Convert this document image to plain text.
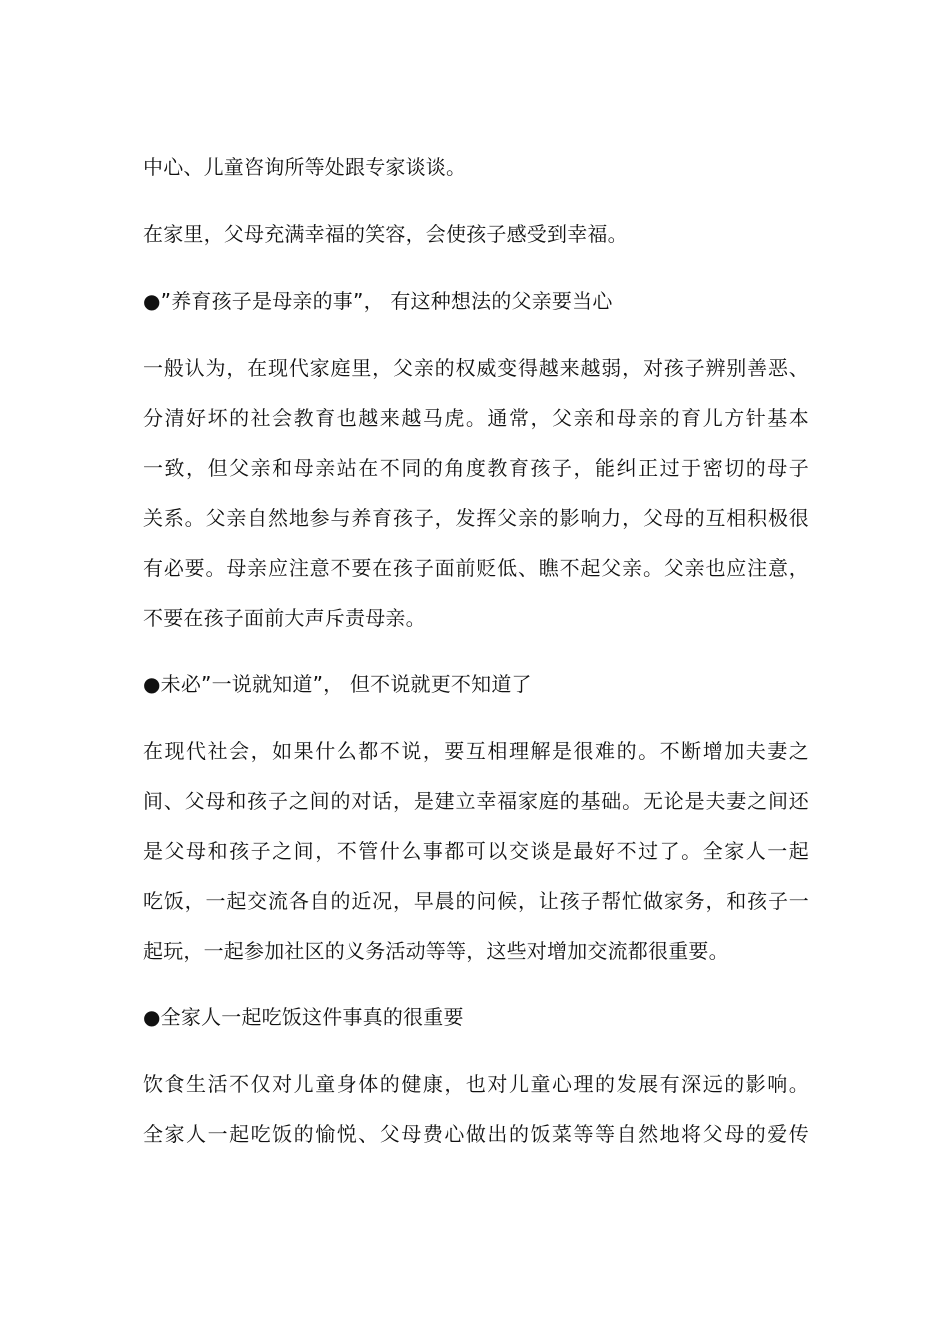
中心、儿童咨询所等处跟专家谈谈。
在家里，父母充满幸福的笑容，会使孩子感受到幸福。
●”养育孩子是母亲的事”， 有这种想法的父亲要当心
一般认为，在现代家庭里，父亲的权威变得越来越弱，对孩子辨别善恶、
分清好坏的社会教育也越来越马虎。通常，父亲和母亲的育儿方针基本
一致，但父亲和母亲站在不同的角度教育孩子，能纠正过于密切的母子
关系。父亲自然地参与养育孩子，发挥父亲的影响力，父母的互相积极很
有必要。母亲应注意不要在孩子面前贬低、瞧不起父亲。父亲也应注意，
不要在孩子面前大声斥责母亲。
●未必”一说就知道”， 但不说就更不知道了
在现代社会，如果什么都不说，要互相理解是很难的。不断增加夫妻之
间、父母和孩子之间的对话，是建立幸福家庭的基础。无论是夫妻之间还
是父母和孩子之间，不管什么事都可以交谈是最好不过了。全家人一起
吃饭，一起交流各自的近况，早晨的问候，让孩子帮忙做家务，和孩子一
起玩，一起参加社区的义务活动等等，这些对增加交流都很重要。
●全家人一起吃饭这件事真的很重要
饮食生活不仅对儿童身体的健康，也对儿童心理的发展有深远的影响。
全家人一起吃饭的愉悦、父母费心做出的饭菜等等自然地将父母的爱传
